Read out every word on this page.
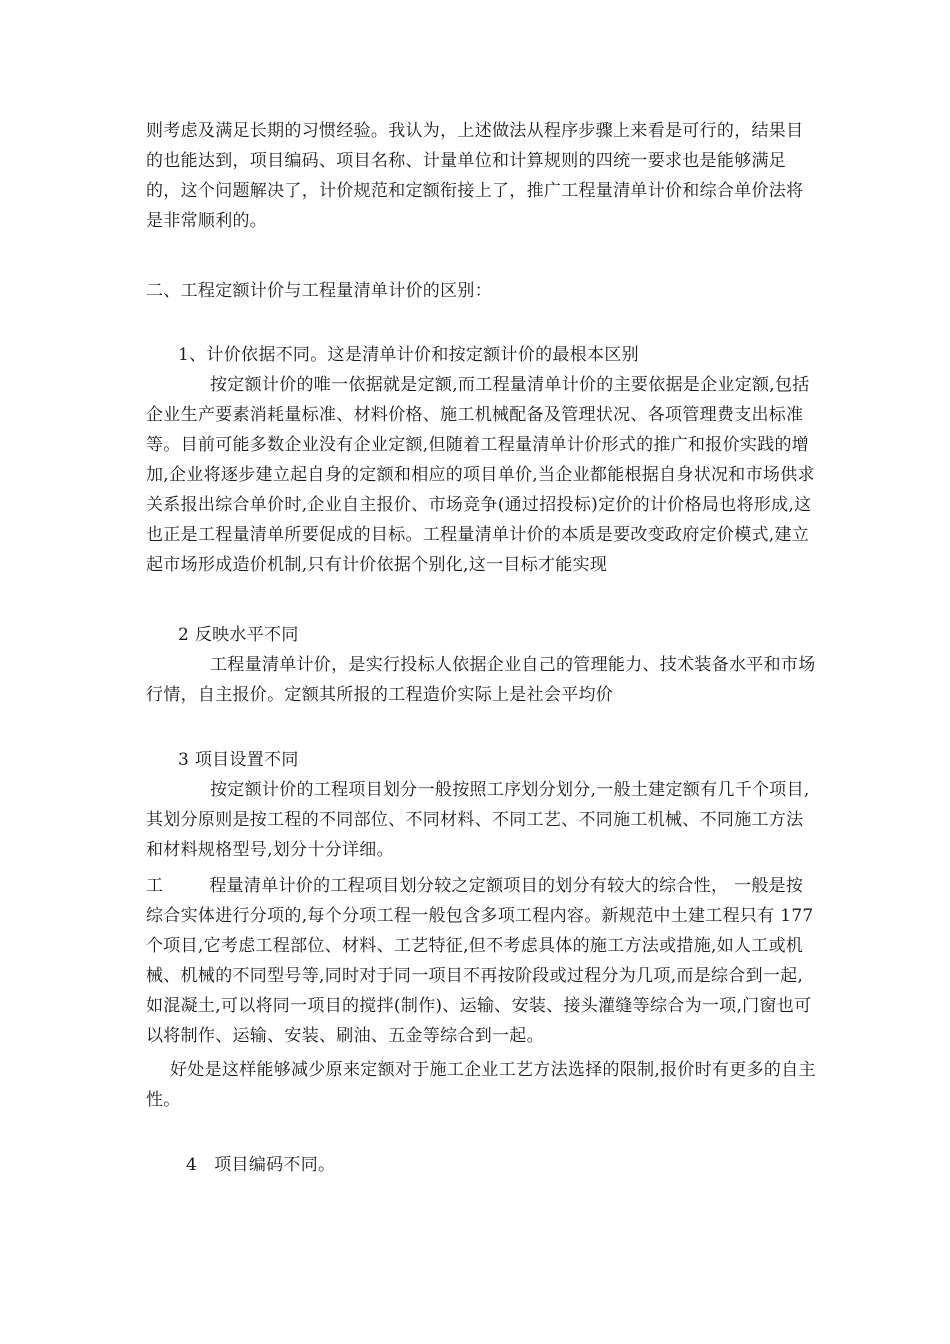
则考虑及满足长期的习惯经验。我认为，上述做法从程序步骤上来看是可行的，结果目的也能达到，项目编码、项目名称、计量单位和计算规则的四统一要求也是能够满足的，这个问题解决了，计价规范和定额衔接上了，推广工程量清单计价和综合单价法将是非常顺利的。

二、工程定额计价与工程量清单计价的区别：

1、计价依据不同。这是清单计价和按定额计价的最根本区别

按定额计价的唯一依据就是定额,而工程量清单计价的主要依据是企业定额,包括企业生产要素消耗量标准、材料价格、施工机械配备及管理状况、各项管理费支出标准等。目前可能多数企业没有企业定额,但随着工程量清单计价形式的推广和报价实践的增加,企业将逐步建立起自身的定额和相应的项目单价,当企业都能根据自身状况和市场供求关系报出综合单价时,企业自主报价、市场竞争(通过招投标)定价的计价格局也将形成,这也正是工程量清单所要促成的目标。工程量清单计价的本质是要改变政府定价模式,建立起市场形成造价机制,只有计价依据个别化,这一目标才能实现

2 反映水平不同

工程量清单计价，是实行投标人依据企业自己的管理能力、技术装备水平和市场行情，自主报价。定额其所报的工程造价实际上是社会平均价

3 项目设置不同

按定额计价的工程项目划分一般按照工序划分划分,一般土建定额有几千个项目,其划分原则是按工程的不同部位、不同材料、不同工艺、不同施工机械、不同施工方法和材料规格型号,划分十分详细。

工	程量清单计价的工程项目划分较之定额项目的划分有较大的综合性， 一般是按综合实体进行分项的,每个分项工程一般包含多项工程内容。新规范中土建工程只有 177 个项目,它考虑工程部位、材料、工艺特征,但不考虑具体的施工方法或措施,如人工或机械、机械的不同型号等,同时对于同一项目不再按阶段或过程分为几项,而是综合到一起,如混凝土,可以将同一项目的搅拌(制作)、运输、安装、接头灌缝等综合为一项,门窗也可以将制作、运输、安装、刷油、五金等综合到一起。

好处是这样能够减少原来定额对于施工企业工艺方法选择的限制,报价时有更多的自主性。

4   项目编码不同。
